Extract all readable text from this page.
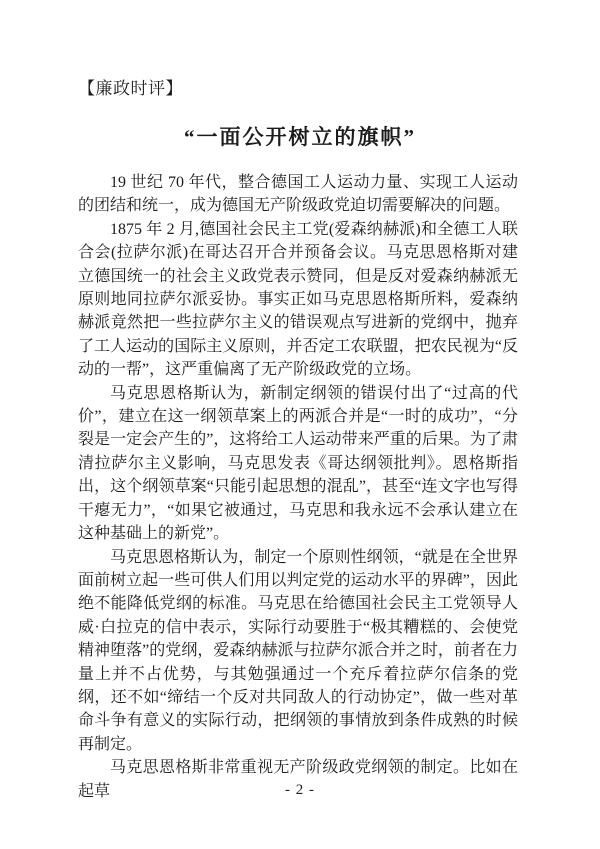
【廉政时评】
“一面公开树立的旗帜”

19 世纪 70 年代，整合德国工人运动力量、实现工人运动的团结和统一，成为德国无产阶级政党迫切需要解决的问题。

1875 年 2 月,德国社会民主工党(爱森纳赫派)和全德工人联合会(拉萨尔派)在哥达召开合并预备会议。马克思恩格斯对建立德国统一的社会主义政党表示赞同，但是反对爱森纳赫派无原则地同拉萨尔派妥协。事实正如马克思恩格斯所料，爱森纳赫派竟然把一些拉萨尔主义的错误观点写进新的党纲中，抛弃了工人运动的国际主义原则，并否定工农联盟，把农民视为“反动的一帮”，这严重偏离了无产阶级政党的立场。

马克思恩格斯认为，新制定纲领的错误付出了“过高的代价”，建立在这一纲领草案上的两派合并是“一时的成功”，“分裂是一定会产生的”，这将给工人运动带来严重的后果。为了肃清拉萨尔主义影响，马克思发表《哥达纲领批判》。恩格斯指出，这个纲领草案“只能引起思想的混乱”，甚至“连文字也写得干瘪无力”，“如果它被通过，马克思和我永远不会承认建立在这种基础上的新党”。

马克思恩格斯认为，制定一个原则性纲领，“就是在全世界面前树立起一些可供人们用以判定党的运动水平的界碑”，因此绝不能降低党纲的标准。马克思在给德国社会民主工党领导人威·白拉克的信中表示，实际行动要胜于“极其糟糕的、会使党精神堕落”的党纲，爱森纳赫派与拉萨尔派合并之时，前者在力量上并不占优势，与其勉强通过一个充斥着拉萨尔信条的党纲，还不如“缔结一个反对共同敌人的行动协定”，做一些对革命斗争有意义的实际行动，把纲领的事情放到条件成熟的时候再制定。

马克思恩格斯非常重视无产阶级政党纲领的制定。比如在起草	- 2 -
